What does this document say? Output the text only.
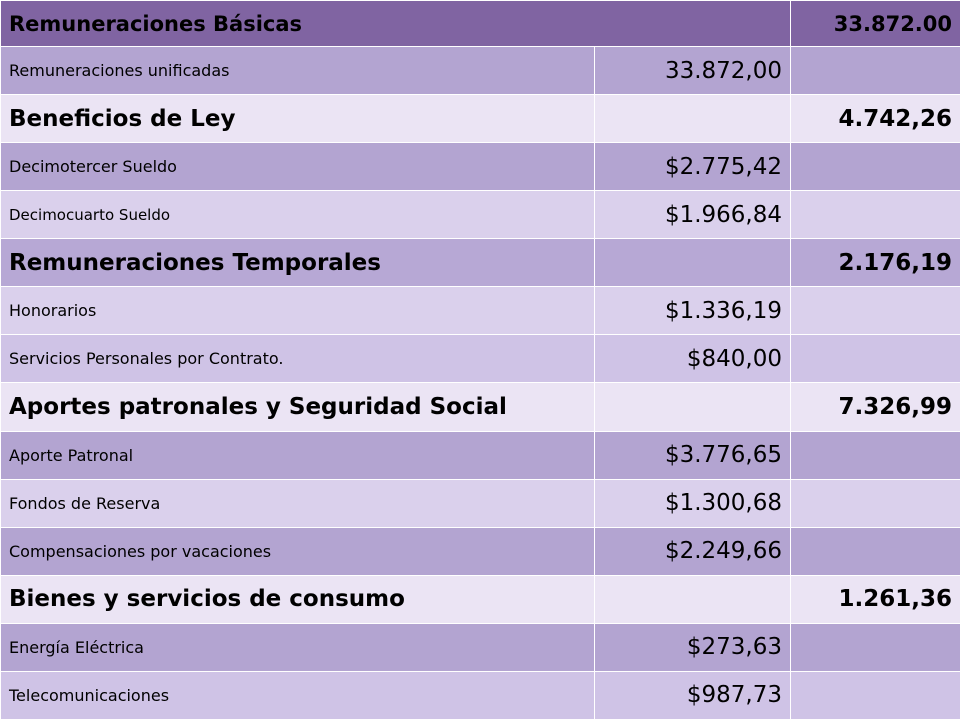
Remuneraciones Básicas		33.872.00
Remuneraciones unificadas	33.872,00	
Beneficios de Ley		4.742,26
Decimotercer Sueldo	$2.775,42	
Decimocuarto Sueldo	$1.966,84	
Remuneraciones Temporales		2.176,19
Honorarios	$1.336,19	
Servicios Personales por Contrato.	$840,00	
Aportes patronales y Seguridad Social		7.326,99
Aporte Patronal	$3.776,65	
Fondos de Reserva	$1.300,68	
Compensaciones por vacaciones	$2.249,66	
Bienes y servicios de consumo		1.261,36
Energía Eléctrica	$273,63	
Telecomunicaciones	$987,73	
